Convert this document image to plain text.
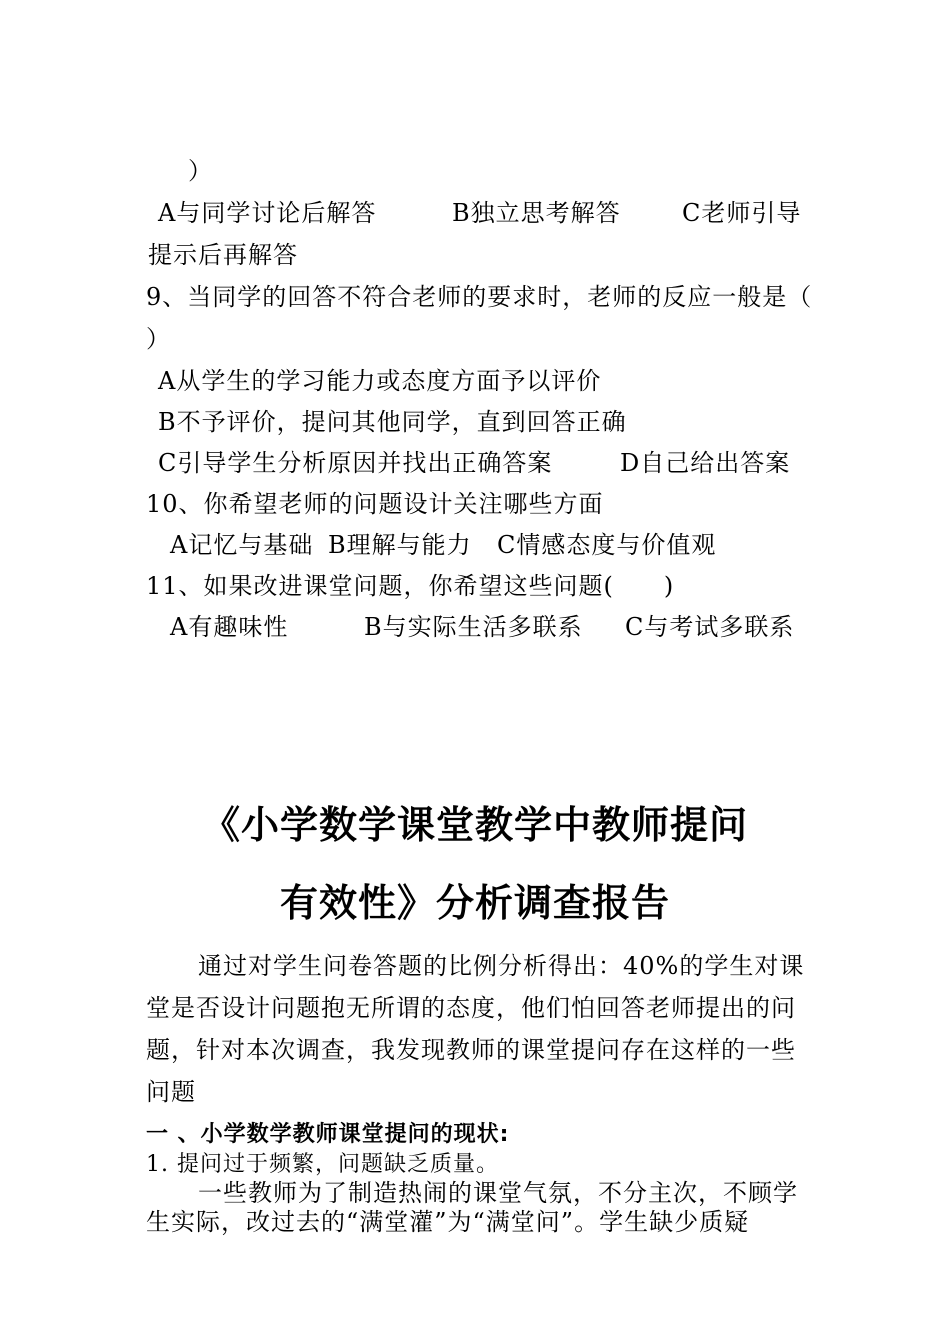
）
A与同学讨论后解答	B独立思考解答	C老师引导
提示后再解答
9、当同学的回答不符合老师的要求时，老师的反应一般是（
）
A从学生的学习能力或态度方面予以评价
B不予评价，提问其他同学，直到回答正确
C引导学生分析原因并找出正确答案	D自己给出答案
10、你希望老师的问题设计关注哪些方面
A记忆与基础 B理解与能力 C情感态度与价值观
11、如果改进课堂问题，你希望这些问题(　　)
A有趣味性	B与实际生活多联系 C与考试多联系
《小学数学课堂教学中教师提问
有效性》分析调查报告
通过对学生问卷答题的比例分析得出：40%的学生对课
堂是否设计问题抱无所谓的态度，他们怕回答老师提出的问
题，针对本次调查，我发现教师的课堂提问存在这样的一些
问题
一 、小学数学教师课堂提问的现状:
1. 提问过于频繁，问题缺乏质量。
一些教师为了制造热闹的课堂气氛，不分主次，不顾学
生实际，改过去的“满堂灌”为“满堂问”。学生缺少质疑
